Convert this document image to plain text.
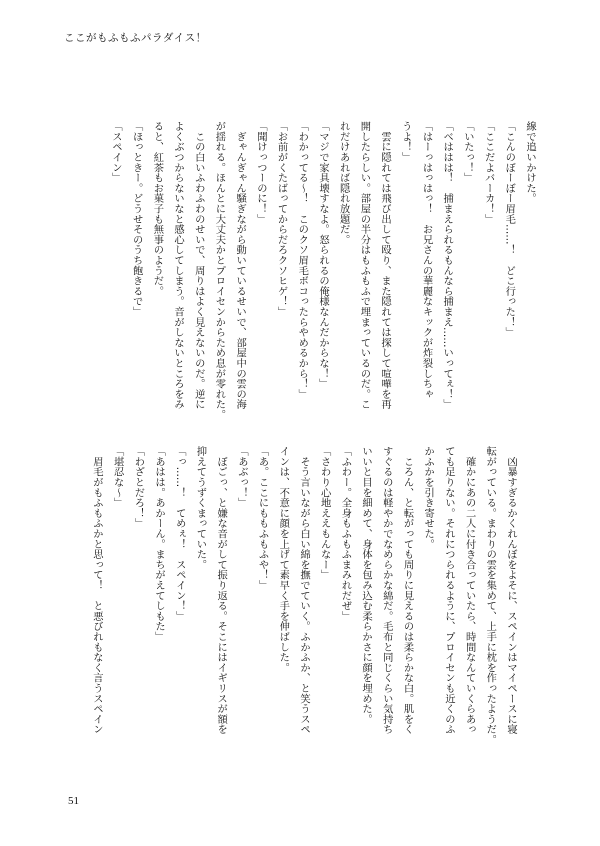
ここがもふもふパラダイス！
線で追いかけた。
「こんのぼーぼー眉毛……！　どこ行った！」
「ここだよバーカ！」
「いたっ！」
「べははは！　捕まえられるもんなら捕まえ……いってぇ！」
「はーっはっはっ！　お兄さんの華麗なキックが炸裂しちゃ
うよ！」
　雲に隠れては飛び出して殴り、また隠れては探して喧嘩を再
開したらしい。部屋の半分はもふもふで埋まっているのだ。こ
れだけあれば隠れ放題だ。
「マジで家具壊すなよ。怒られるの俺様なんだからな！」
「わかってる～！　このクソ眉毛ボコったらやめるから！」
「お前がくたばってからだろクソヒゲ！」
「聞けっつーのに！」
　ぎゃんぎゃん騒ぎながら動いているせいで、部屋中の雲の海
が揺れる。ほんとに大丈夫かとプロイセンからため息が零れた。
　この白いふわふわのせいで、周りはよく見えないのだ。逆に
よくぶつからないなと感心してしまう。音がしないところをみ
ると、紅茶もお菓子も無事のようだ。
「ほっときー。どうせそのうち飽きるで」
「スペイン」
　凶暴すぎるかくれんぼをよそに、スペインはマイペースに寝
転がっている。まわりの雲を集めて、上手に枕を作ったようだ。
　確かにあの二人に付き合っていたら、時間なんていくらあっ
ても足りない。それにつられるように、プロイセンも近くのふ
かふかを引き寄せた。
　ころん、と転がっても周りに見えるのは柔らかな白。肌をく
すぐるのは軽やかでなめらかな綿だ。毛布と同じくらい気持ち
いいと目を細めて、身体を包み込む柔らかさに顔を埋めた。
「ふわー。全身もふもふまみれだぜ」
「さわり心地ええもんなー」
　そう言いながら白い綿を撫でていく。ふかふか、と笑うスペ
インは、不意に顔を上げて素早く手を伸ばした。
「あ。ここにももふもふや！」
「あぶっ！」
　ぼごっ、と嫌な音がして振り返る。そこにはイギリスが額を
抑えてうずくまっていた。
「っ……！　てめぇ！　スペイン！」
「あはは。あかーん。まちがえてしもた」
「わざとだろ！」
「堪忍な～」
　眉毛がもふもふかと思って！　と悪びれもなく言うスペイン
51
